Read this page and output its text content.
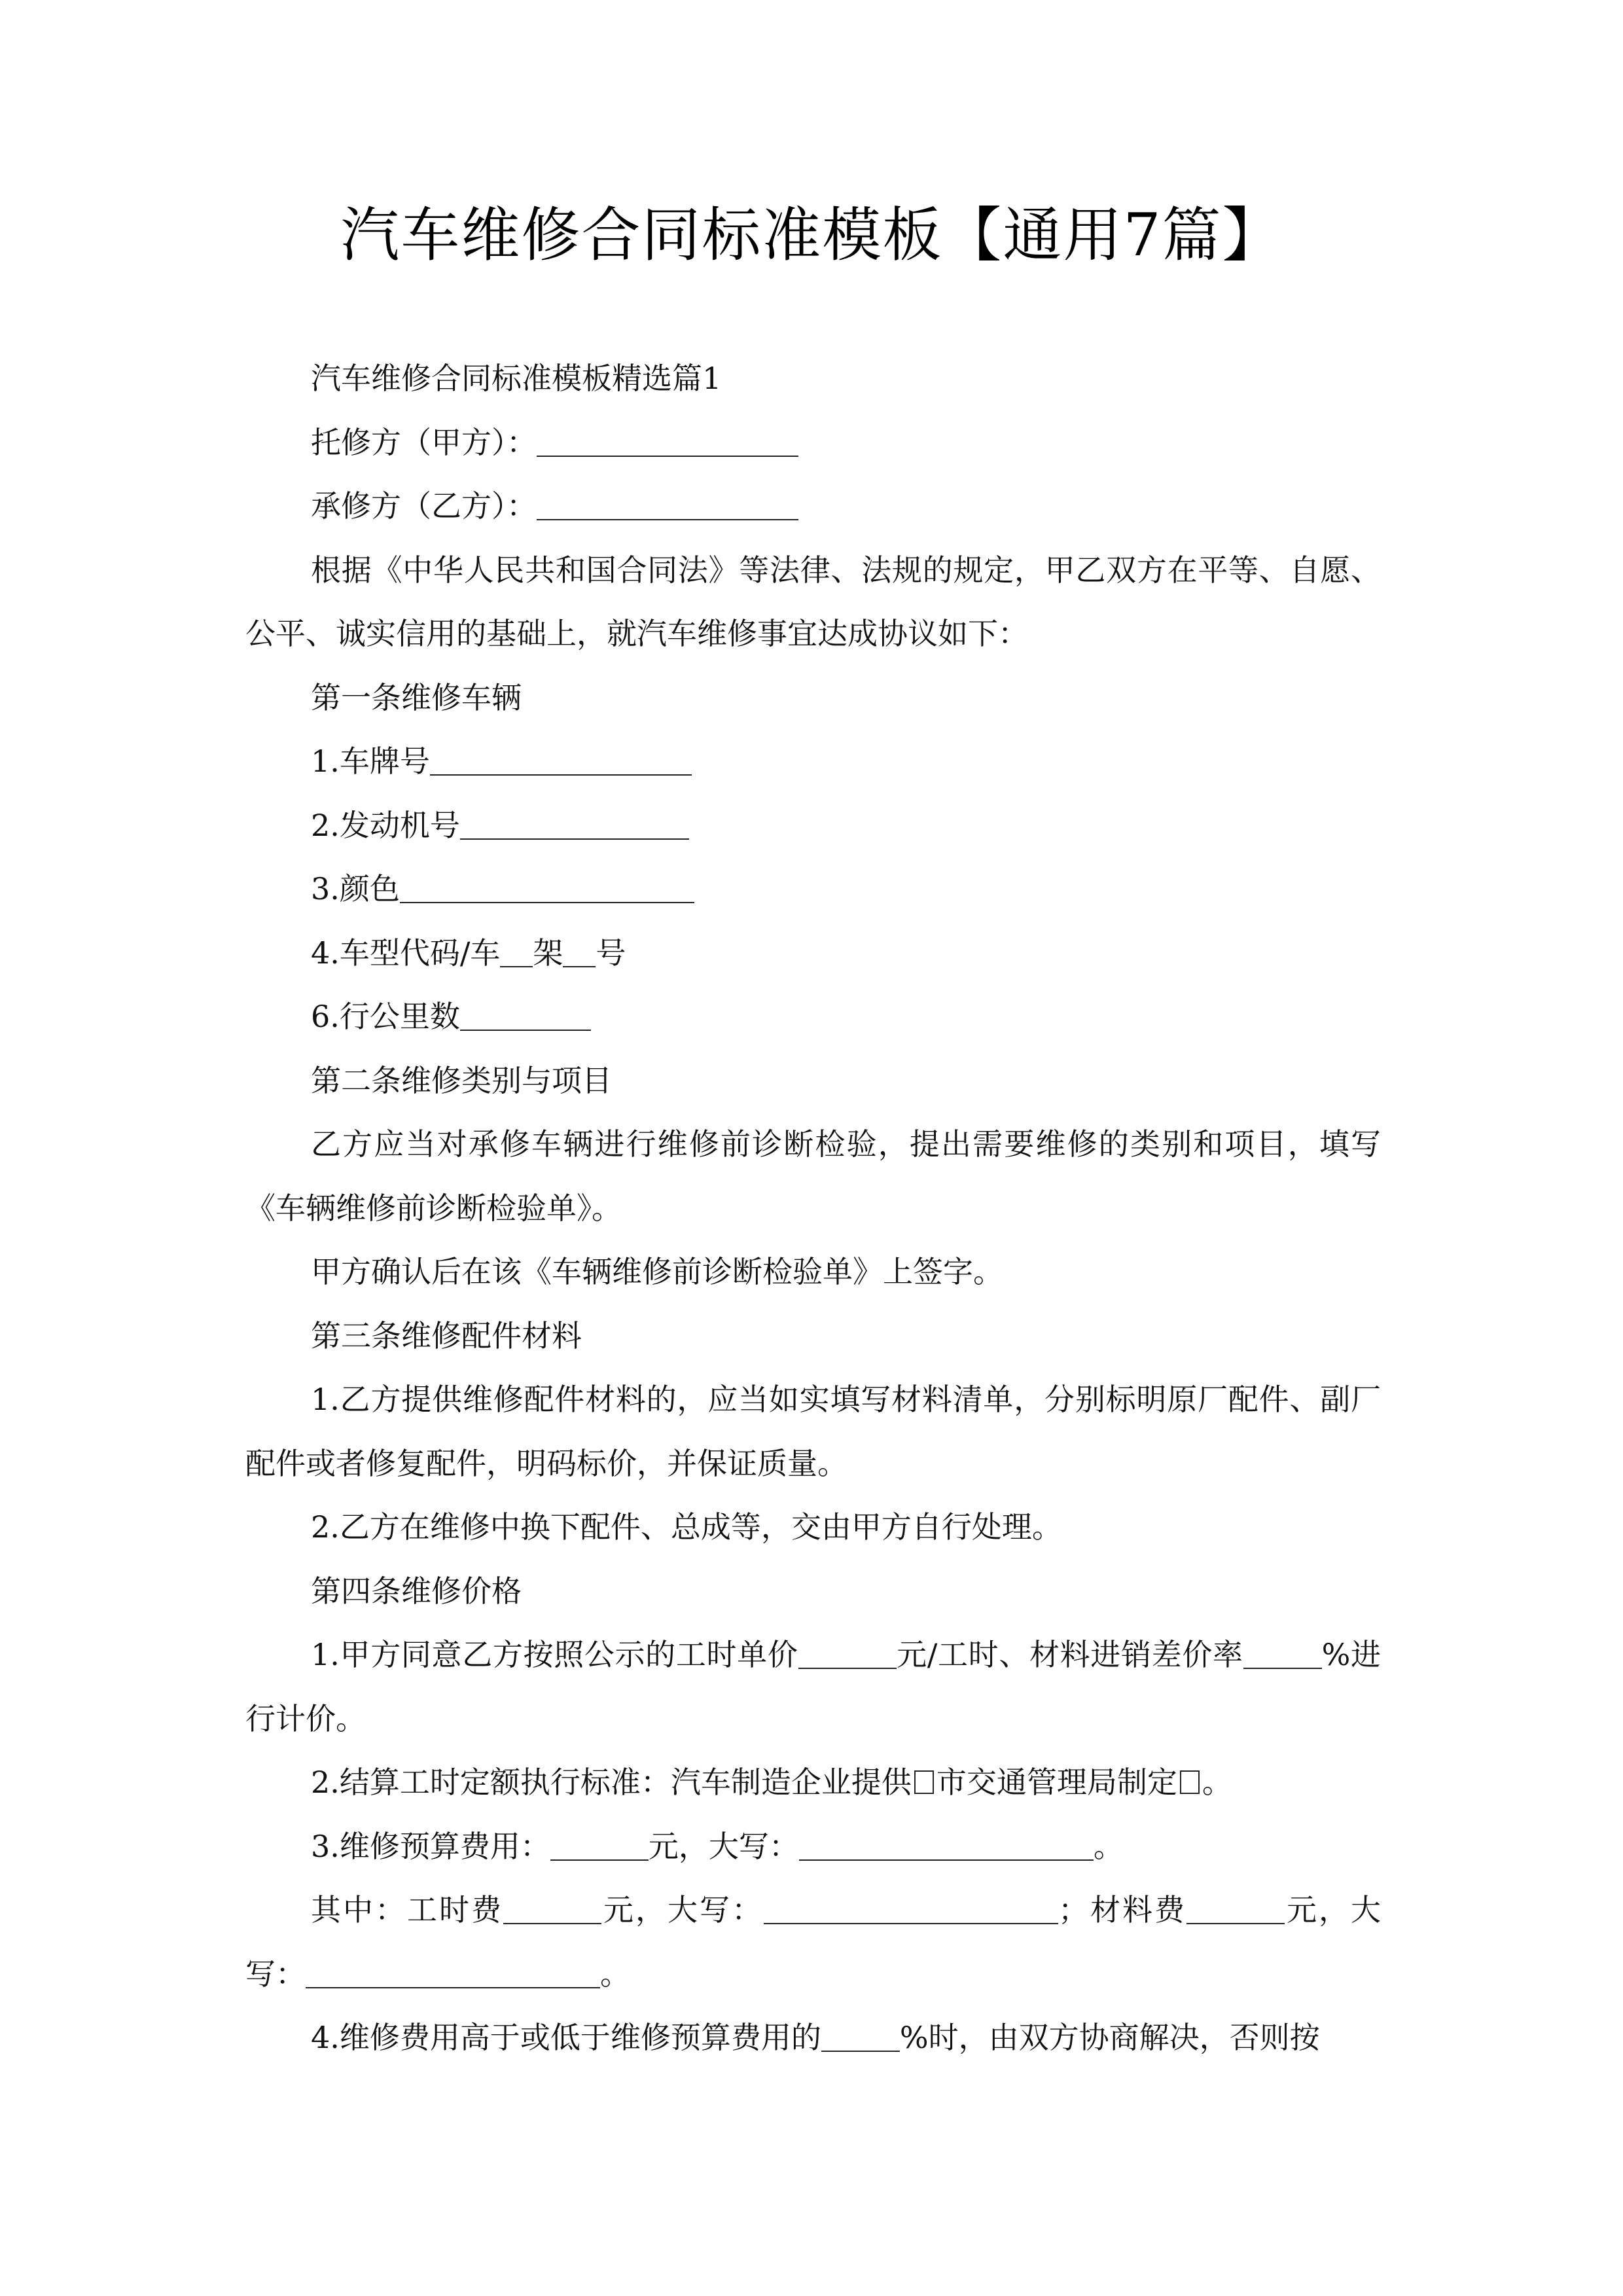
汽车维修合同标准模板【通用7篇】

汽车维修合同标准模板精选篇1

托修方（甲方）：

承修方（乙方）：

根据《中华人民共和国合同法》等法律、法规的规定，甲乙双方在平等、自愿、公平、诚实信用的基础上，就汽车维修事宜达成协议如下：

第一条维修车辆

1.车牌号

2.发动机号

3.颜色

4.车型代码/车 架 号

6.行公里数

第二条维修类别与项目

乙方应当对承修车辆进行维修前诊断检验，提出需要维修的类别和项目，填写《车辆维修前诊断检验单》。

甲方确认后在该《车辆维修前诊断检验单》上签字。

第三条维修配件材料

1.乙方提供维修配件材料的，应当如实填写材料清单，分别标明原厂配件、副厂配件或者修复配件，明码标价，并保证质量。

2.乙方在维修中换下配件、总成等，交由甲方自行处理。

第四条维修价格

1.甲方同意乙方按照公示的工时单价	元/工时、材料进销差价率	%进行计价。

2.结算工时定额执行标准：汽车制造企业提供 市交通管理局制定 。

3.维修预算费用：	元，大写：	。

其中：工时费	元，大写：	；材料费	元，大写：	。

4.维修费用高于或低于维修预算费用的	%时，由双方协商解决，否则按
